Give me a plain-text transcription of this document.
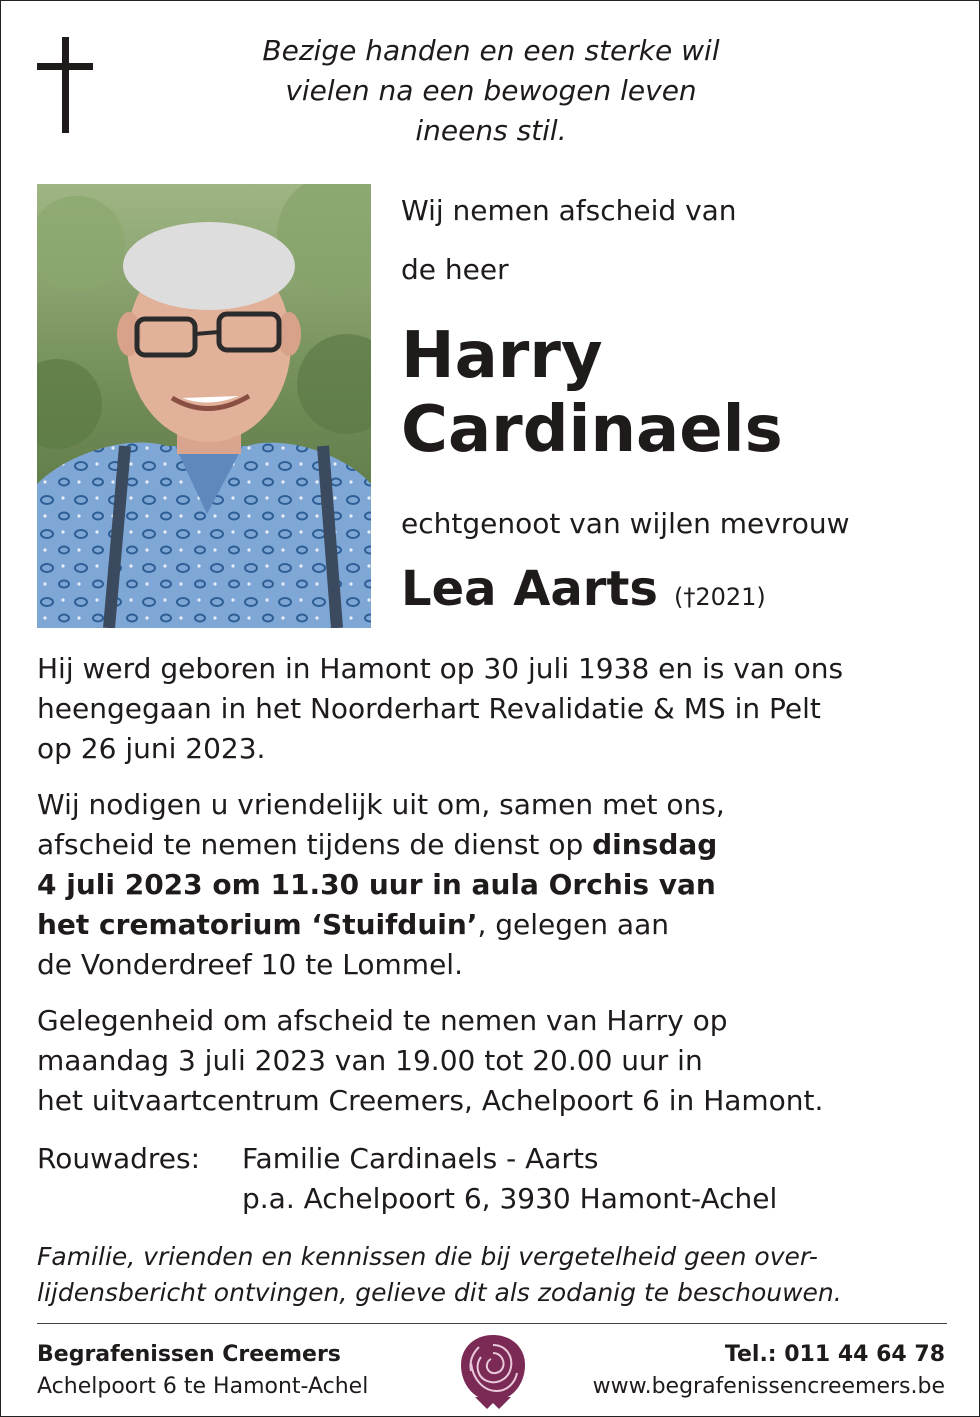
Bezige handen en een sterke wil
vielen na een bewogen leven
ineens stil.
Wij nemen afscheid van
de heer
Harry
Cardinaels
echtgenoot van wijlen mevrouw
Lea Aarts (†2021)
Hij werd geboren in Hamont op 30 juli 1938 en is van ons
heengegaan in het Noorderhart Revalidatie & MS in Pelt
op 26 juni 2023.
Wij nodigen u vriendelijk uit om, samen met ons,
afscheid te nemen tijdens de dienst op dinsdag
4 juli 2023 om 11.30 uur in aula Orchis van
het crematorium ‘Stuifduin’, gelegen aan
de Vonderdreef 10 te Lommel.
Gelegenheid om afscheid te nemen van Harry op
maandag 3 juli 2023 van 19.00 tot 20.00 uur in
het uitvaartcentrum Creemers, Achelpoort 6 in Hamont.
Rouwadres: Familie Cardinaels - Aarts
p.a. Achelpoort 6, 3930 Hamont-Achel
Familie, vrienden en kennissen die bij vergetelheid geen over-
lijdensbericht ontvingen, gelieve dit als zodanig te beschouwen.
Begrafenissen Creemers
Achelpoort 6 te Hamont-Achel
Tel.: 011 44 64 78
www.begrafenissencreemers.be
